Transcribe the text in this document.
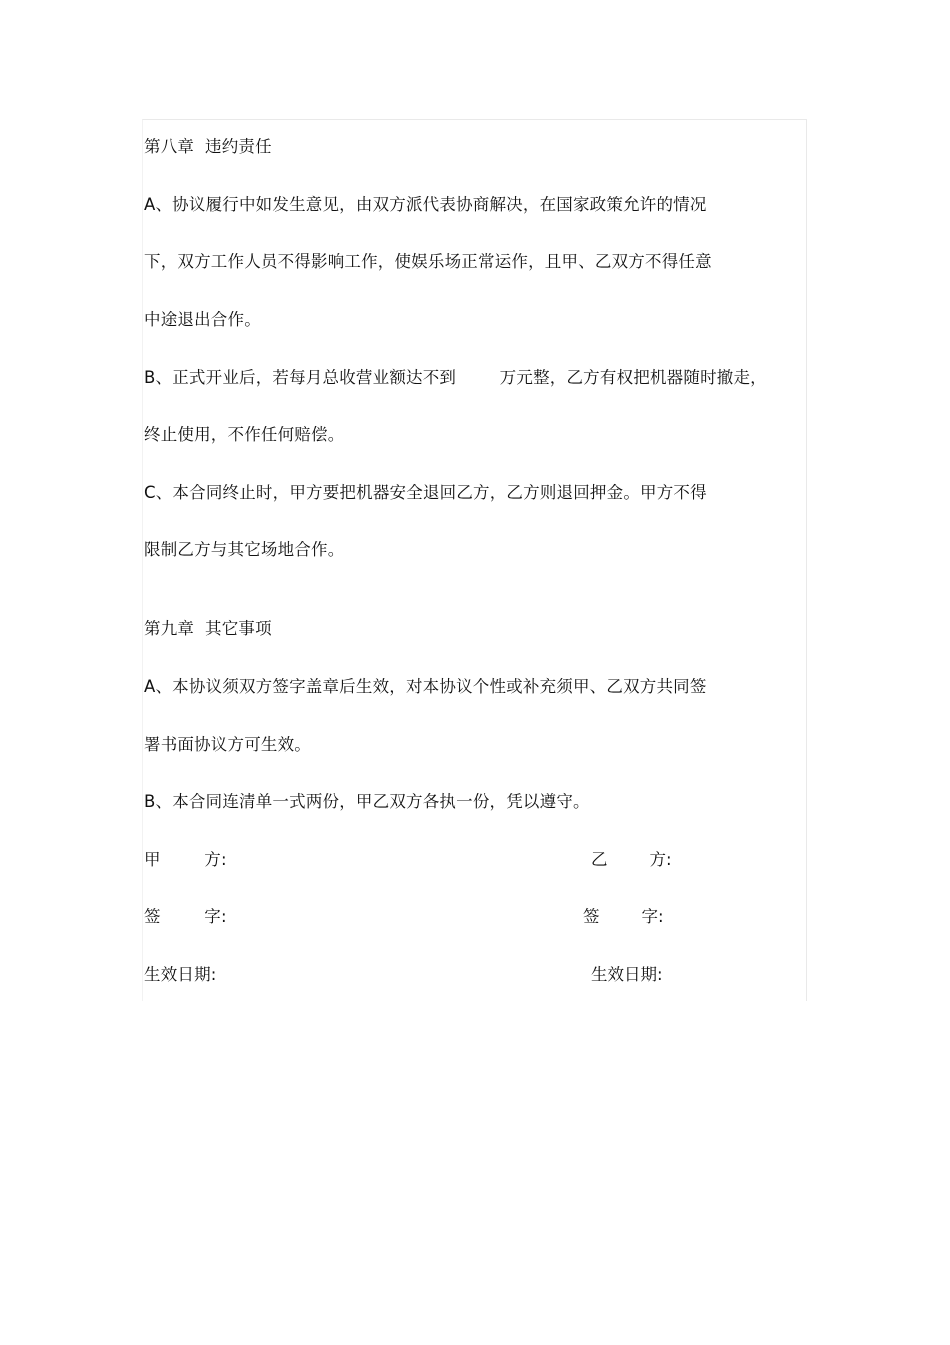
第八章  违约责任
A、协议履行中如发生意见，由双方派代表协商解决，在国家政策允许的情况
下，双方工作人员不得影响工作，使娱乐场正常运作，且甲、乙双方不得任意
中途退出合作。
B、正式开业后，若每月总收营业额达不到        万元整，乙方有权把机器随时撤走，
终止使用，不作任何赔偿。
C、本合同终止时，甲方要把机器安全退回乙方，乙方则退回押金。甲方不得
限制乙方与其它场地合作。
第九章  其它事项
A、本协议须双方签字盖章后生效，对本协议个性或补充须甲、乙双方共同签
署书面协议方可生效。
B、本合同连清单一式两份，甲乙双方各执一份，凭以遵守。
甲        方:	乙        方:
签        字:	签        字:
生效日期:	生效日期:
